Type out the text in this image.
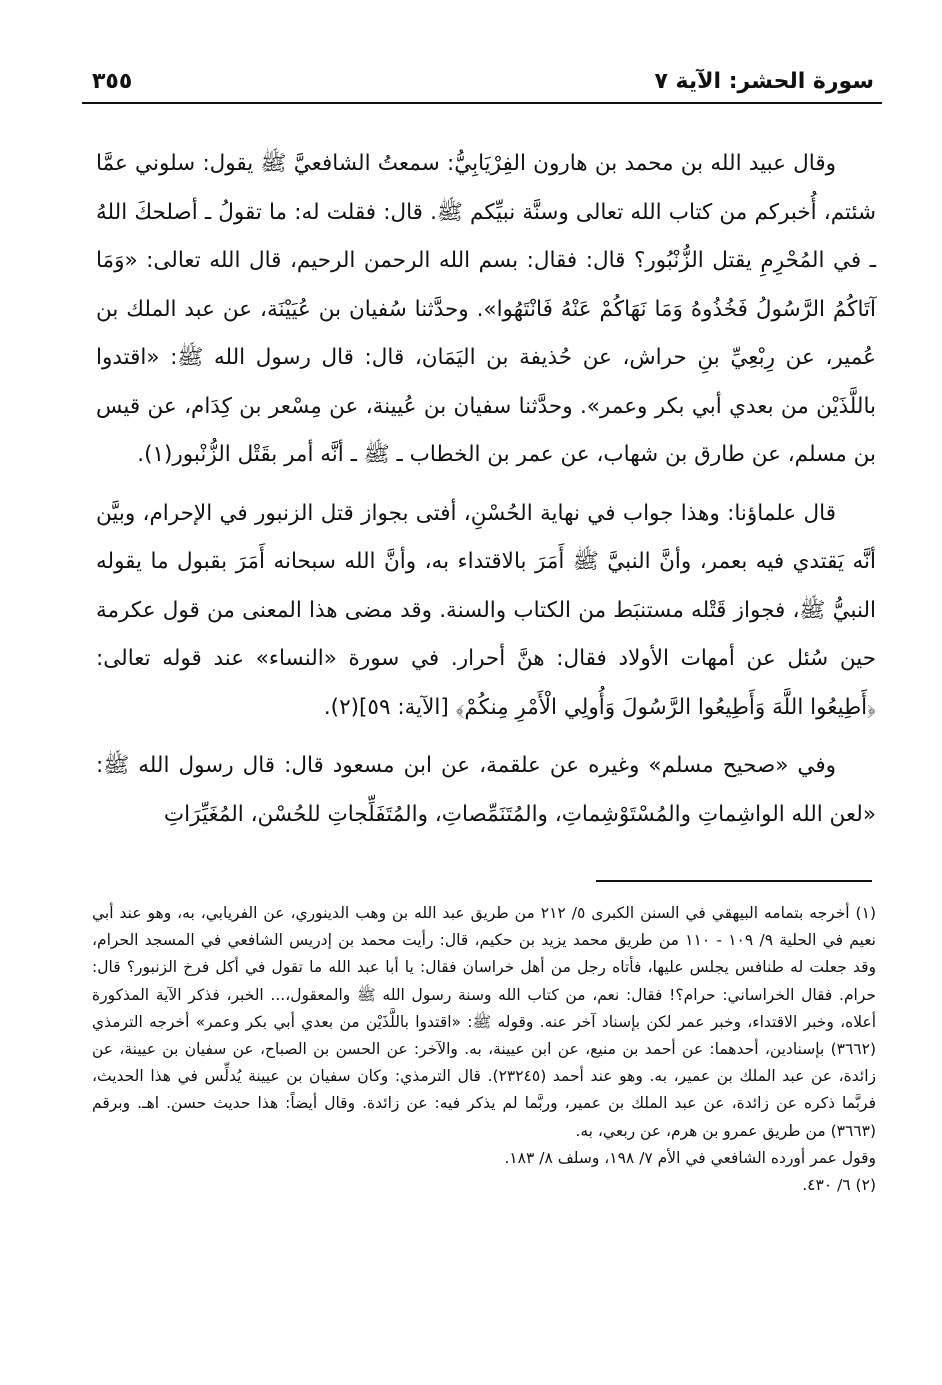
سورة الحشر: الآية ٧
٣٥٥

وقال عبيد الله بن محمد بن هارون الفِرْيَابِيُّ: سمعتُ الشافعيَّ ﷺ يقول: سلوني عمَّا شئتم، أُخبركم من كتاب الله تعالى وسنَّة نبيِّكم ﷺ. قال: فقلت له: ما تقولُ ـ أصلحكَ اللهُ ـ في المُحْرِمِ يقتل الزُّنْبُور؟ قال: فقال: بسم الله الرحمن الرحيم، قال الله تعالى: «وَمَا آتَاكُمُ الرَّسُولُ فَخُذُوهُ وَمَا نَهَاكُمْ عَنْهُ فَانْتَهُوا». وحدَّثنا سُفيان بن عُيَيْنَة، عن عبد الملك بن عُمير، عن رِبْعِيِّ بنِ حراش، عن حُذيفة بن اليَمَان، قال: قال رسول الله ﷺ: «اقتدوا باللَّذَيْن من بعدي أبي بكر وعمر». وحدَّثنا سفيان بن عُيينة، عن مِسْعر بن كِدَام، عن قيس بن مسلم، عن طارق بن شهاب، عن عمر بن الخطاب ـ ﷺ ـ أنَّه أمر بقَتْل الزُّنْبور(١).

قال علماؤنا: وهذا جواب في نهاية الحُسْنِ، أفتى بجواز قتل الزنبور في الإحرام، وبيَّن أنَّه يَقتدي فيه بعمر، وأنَّ النبيَّ ﷺ أَمَرَ بالاقتداء به، وأنَّ الله سبحانه أَمَرَ بقبول ما يقوله النبيُّ ﷺ، فجواز قَتْله مستنبَط من الكتاب والسنة. وقد مضى هذا المعنى من قول عكرمة حين سُئل عن أمهات الأولاد فقال: هنَّ أحرار. في سورة «النساء» عند قوله تعالى: ﴿أَطِيعُوا اللَّهَ وَأَطِيعُوا الرَّسُولَ وَأُولِي الْأَمْرِ مِنكُمْ﴾ [الآية: ٥٩](٢).

وفي «صحيح مسلم» وغيره عن علقمة، عن ابن مسعود قال: قال رسول الله ﷺ: «لعن الله الواشِماتِ والمُسْتَوْشِماتِ، والمُتَنَمِّصاتِ، والمُتَفَلِّجاتِ للحُسْن، المُغَيِّرَاتِ

(١) أخرجه بتمامه البيهقي في السنن الكبرى ٥/ ٢١٢ من طريق عبد الله بن وهب الدينوري، عن الفريابي، به، وهو عند أبي نعيم في الحلية ٩/ ١٠٩ - ١١٠ من طريق محمد يزيد بن حكيم، قال: رأيت محمد بن إدريس الشافعي في المسجد الحرام، وقد جعلت له طنافس يجلس عليها، فأتاه رجل من أهل خراسان فقال: يا أبا عبد الله ما تقول في أكل فرخ الزنبور؟ قال: حرام. فقال الخراساني: حرام؟! فقال: نعم، من كتاب الله وسنة رسول الله ﷺ والمعقول،... الخبر، فذكر الآية المذكورة أعلاه، وخبر الاقتداء، وخبر عمر لكن بإسناد آخر عنه. وقوله ﷺ: «اقتدوا باللَّذَيْن من بعدي أبي بكر وعمر» أخرجه الترمذي (٣٦٦٢) بإسنادين، أحدهما: عن أحمد بن منيع، عن ابن عيينة، به. والآخر: عن الحسن بن الصباح، عن سفيان بن عيينة، عن زائدة، عن عبد الملك بن عمير، به. وهو عند أحمد (٢٣٢٤٥). قال الترمذي: وكان سفيان بن عيينة يُدلِّس في هذا الحديث، فربَّما ذكره عن زائدة، عن عبد الملك بن عمير، وربَّما لم يذكر فيه: عن زائدة. وقال أيضاً: هذا حديث حسن. اهـ. وبرقم (٣٦٦٣) من طريق عمرو بن هرم، عن ربعي، به.

وقول عمر أورده الشافعي في الأم ٧/ ١٩٨، وسلف ٨/ ١٨٣.

(٢) ٦/ ٤٣٠.
